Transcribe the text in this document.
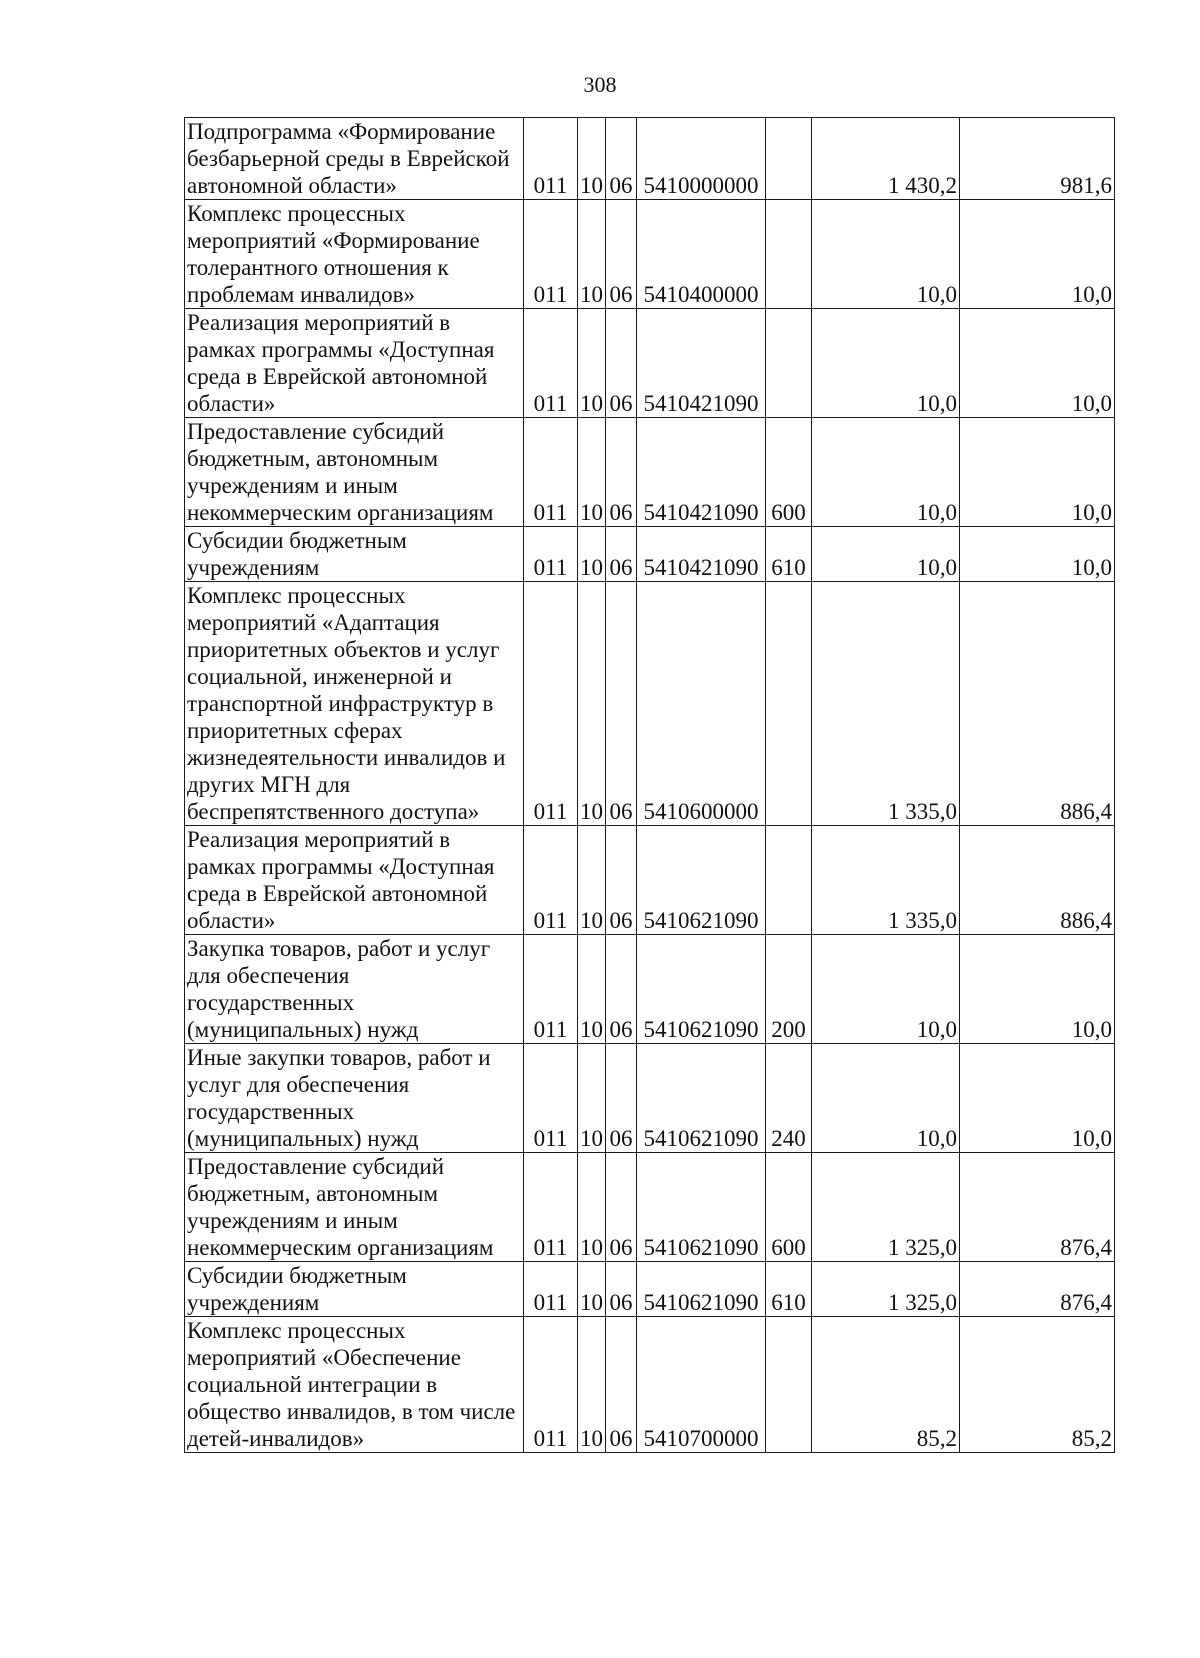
308
Подпрограмма «Формирование безбарьерной среды в Еврейской автономной области»	011	10	06	5410000000		1 430,2	981,6
Комплекс процессных мероприятий «Формирование толерантного отношения к проблемам инвалидов»	011	10	06	5410400000		10,0	10,0
Реализация мероприятий в рамках программы «Доступная среда в Еврейской автономной области»	011	10	06	5410421090		10,0	10,0
Предоставление субсидий бюджетным, автономным учреждениям и иным некоммерческим организациям	011	10	06	5410421090	600	10,0	10,0
Субсидии бюджетным учреждениям	011	10	06	5410421090	610	10,0	10,0
Комплекс процессных мероприятий «Адаптация приоритетных объектов и услуг социальной, инженерной и транспортной инфраструктур в приоритетных сферах жизнедеятельности инвалидов и других МГН для беспрепятственного доступа»	011	10	06	5410600000		1 335,0	886,4
Реализация мероприятий в рамках программы «Доступная среда в Еврейской автономной области»	011	10	06	5410621090		1 335,0	886,4
Закупка товаров, работ и услуг для обеспечения государственных (муниципальных) нужд	011	10	06	5410621090	200	10,0	10,0
Иные закупки товаров, работ и услуг для обеспечения государственных (муниципальных) нужд	011	10	06	5410621090	240	10,0	10,0
Предоставление субсидий бюджетным, автономным учреждениям и иным некоммерческим организациям	011	10	06	5410621090	600	1 325,0	876,4
Субсидии бюджетным учреждениям	011	10	06	5410621090	610	1 325,0	876,4
Комплекс процессных мероприятий «Обеспечение социальной интеграции в общество инвалидов, в том числе детей-инвалидов»	011	10	06	5410700000		85,2	85,2
